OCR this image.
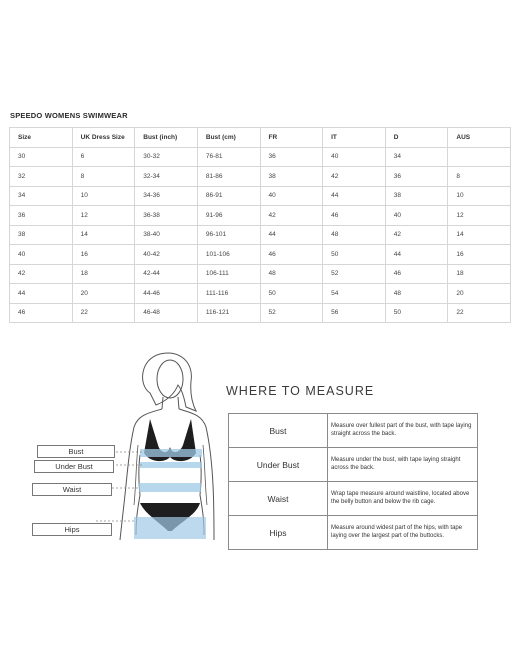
SPEEDO WOMENS SWIMWEAR
Size	UK Dress Size	Bust (inch)	Bust (cm)	FR	IT	D	AUS
30	6	30-32	76-81	36	40	34	
32	8	32-34	81-86	38	42	36	8
34	10	34-36	86-91	40	44	38	10
36	12	36-38	91-96	42	46	40	12
38	14	38-40	96-101	44	48	42	14
40	16	40-42	101-106	46	50	44	16
42	18	42-44	106-111	48	52	46	18
44	20	44-46	111-116	50	54	48	20
46	22	46-48	116-121	52	56	50	22
Bust
Under Bust
Waist
Hips
WHERE TO MEASURE
Bust	Measure over fullest part of the bust, with tape laying straight across the back.
Under Bust	Measure under the bust, with tape laying straight across the back.
Waist	Wrap tape measure around waistline, located above the belly button and below the rib cage.
Hips	Measure around widest part of the hips, with tape laying over the largest part of the buttocks.
